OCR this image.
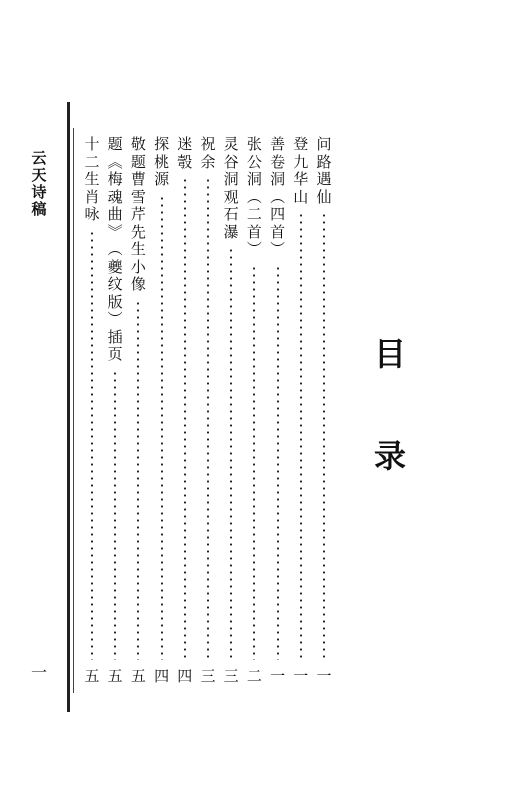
云
天
诗
稿
一
目
录
问
路
遇
仙
一
登
九
华
山
一
善
卷
洞
︵
四
首
︶
一
张
公
洞
︵
二
首
︶
二
灵
谷
洞
观
石
瀑
三
祝
余
三
迷
彀
四
探
桃
源
四
敬
题
曹
雪
芹
先
生
小
像
五
题
︽
梅
魂
曲
︾
︵
夔
纹
版
︶
插
页
五
十
二
生
肖
咏
五
